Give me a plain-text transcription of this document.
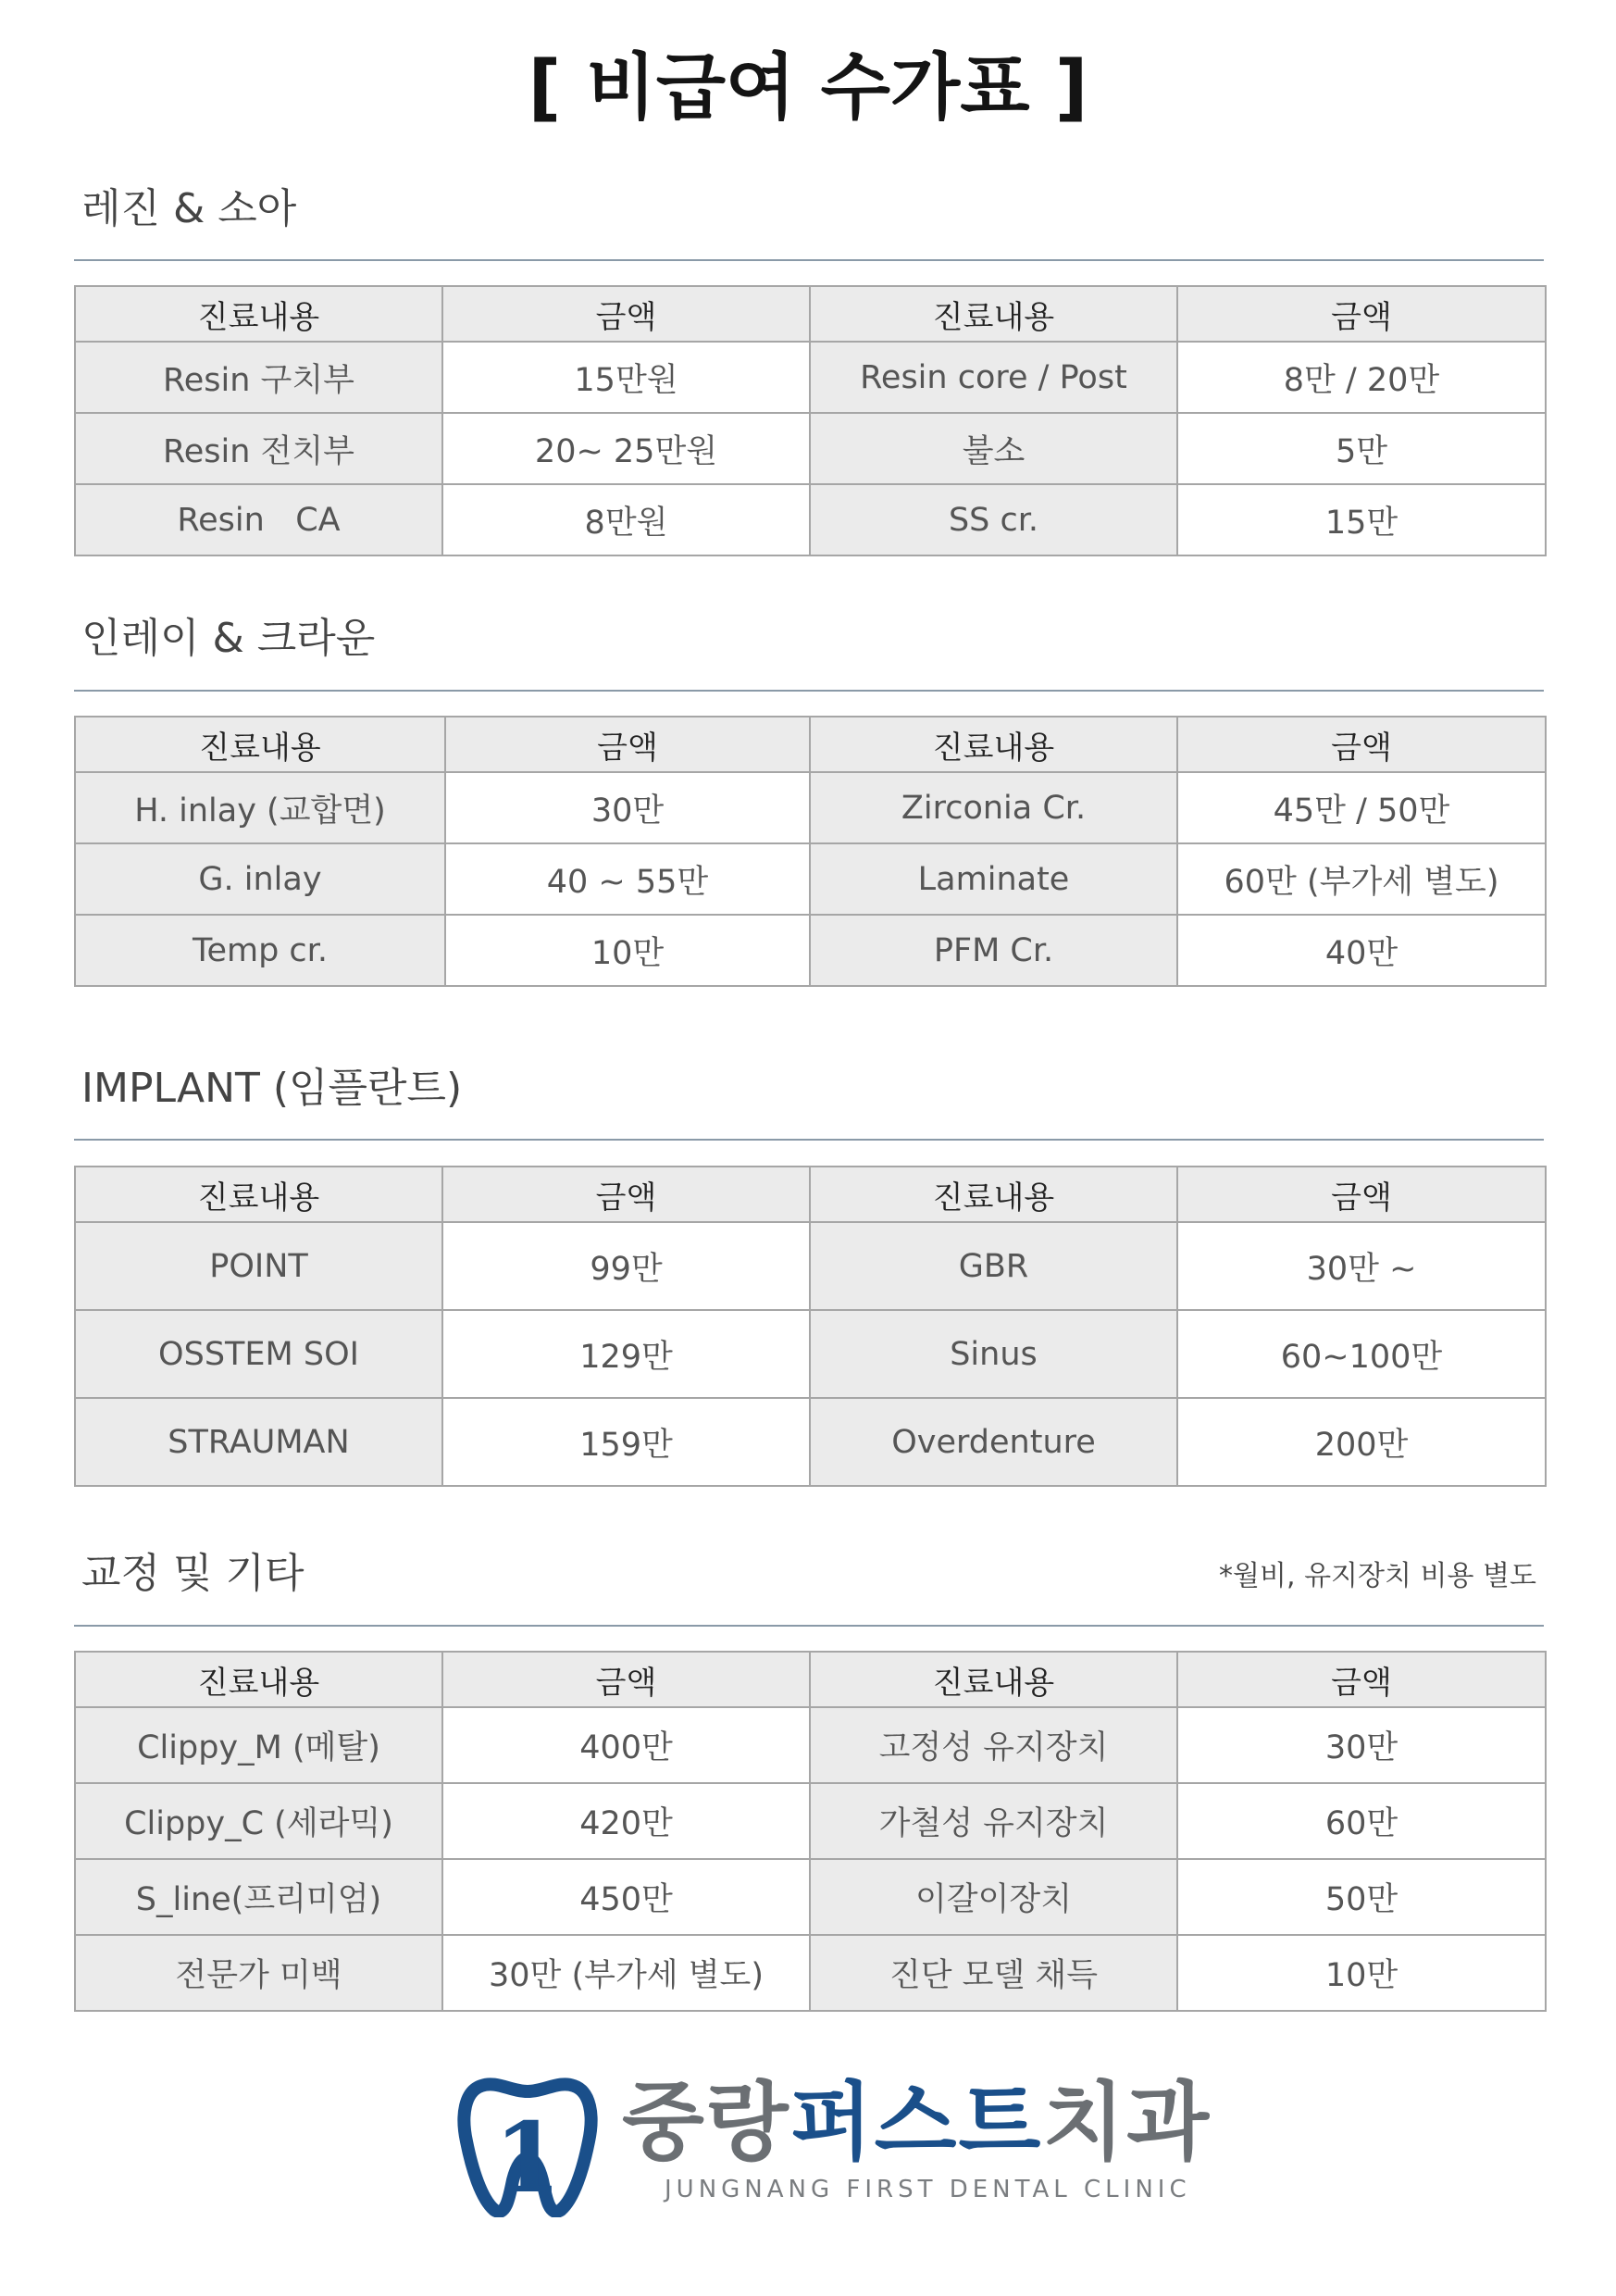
[ 비급여 수가표 ]
레진 & 소아
진료내용	금액	진료내용	금액
Resin 구치부	15만원	Resin core / Post	8만 / 20만
Resin 전치부	20~ 25만원	불소	5만
Resin   CA	8만원	SS cr.	15만
인레이 & 크라운
진료내용	금액	진료내용	금액
H. inlay (교합면)	30만	Zirconia Cr.	45만 / 50만
G. inlay	40 ~ 55만	Laminate	60만 (부가세 별도)
Temp cr.	10만	PFM Cr.	40만
IMPLANT (임플란트)
진료내용	금액	진료내용	금액
POINT	99만	GBR	30만 ~
OSSTEM SOI	129만	Sinus	60~100만
STRAUMAN	159만	Overdenture	200만
교정 및 기타	*월비, 유지장치 비용 별도
진료내용	금액	진료내용	금액
Clippy_M (메탈)	400만	고정성 유지장치	30만
Clippy_C (세라믹)	420만	가철성 유지장치	60만
S_line(프리미엄)	450만	이갈이장치	50만
전문가 미백	30만 (부가세 별도)	진단 모델 채득	10만
1 중랑퍼스트치과
JUNGNANG FIRST DENTAL CLINIC
